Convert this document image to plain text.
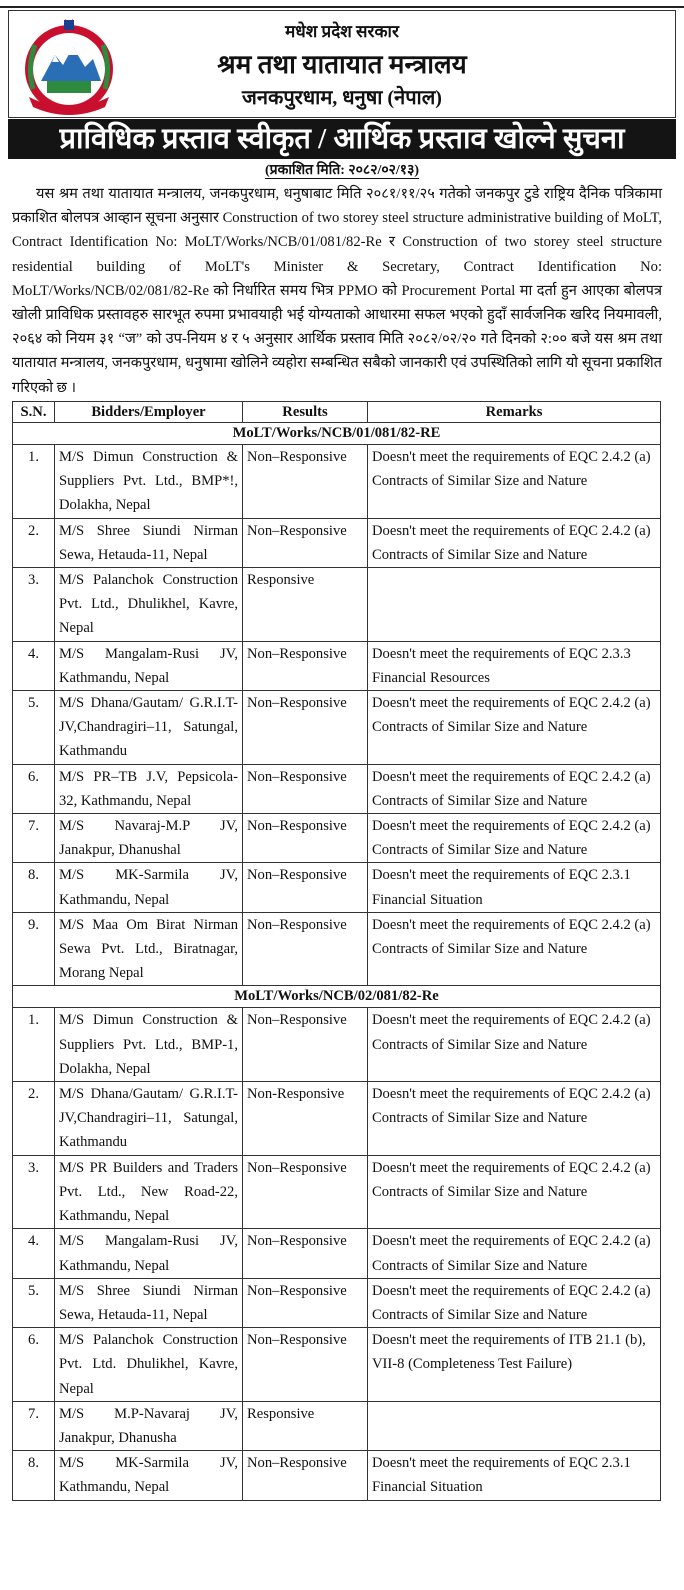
मधेश प्रदेश सरकार
श्रम तथा यातायात मन्त्रालय
जनकपुरधाम, धनुषा (नेपाल)
प्राविधिक प्रस्ताव स्वीकृत / आर्थिक प्रस्ताव खोल्ने सुचना
(प्रकाशित मिति: २०८२/०२/१३)
यस श्रम तथा यातायात मन्त्रालय, जनकपुरधाम, धनुषाबाट मिति २०८१/११/२५ गतेको जनकपुर टुडे राष्ट्रिय दैनिक पत्रिकामा प्रकाशित बोलपत्र आव्हान सूचना अनुसार Construction of two storey steel structure administrative building of MoLT, Contract Identification No: MoLT/Works/NCB/01/081/82-Re र Construction of two storey steel structure residential building of MoLT's Minister & Secretary, Contract Identification No: MoLT/Works/NCB/02/081/82-Re को निर्धारित समय भित्र PPMO को Procurement Portal मा दर्ता हुन आएका बोलपत्र खोली प्राविधिक प्रस्तावहरु सारभूत रुपमा प्रभावयाही भई योग्यताको आधारमा सफल भएको हुदाँ सार्वजनिक खरिद नियमावली, २०६४ को नियम ३१ “ज” को उप-नियम ४ र ५ अनुसार आर्थिक प्रस्ताव मिति २०८२/०२/२० गते दिनको २:०० बजे यस श्रम तथा यातायात मन्त्रालय, जनकपुरधाम, धनुषामा खोलिने व्यहोरा सम्बन्धित सबैको जानकारी एवं उपस्थितिको लागि यो सूचना प्रकाशित गरिएको छ ।
S.N.	Bidders/Employer	Results	Remarks
MoLT/Works/NCB/01/081/82-RE			
1.	M/S Dimun Construction & Suppliers Pvt. Ltd., BMP*!, Dolakha, Nepal	Non–Responsive	Doesn't meet the requirements of EQC 2.4.2 (a) Contracts of Similar Size and Nature
2.	M/S Shree Siundi Nirman Sewa, Hetauda-11, Nepal	Non–Responsive	Doesn't meet the requirements of EQC 2.4.2 (a) Contracts of Similar Size and Nature
3.	M/S Palanchok Construction Pvt. Ltd., Dhulikhel, Kavre, Nepal	Responsive	
4.	M/S Mangalam-Rusi JV, Kathmandu, Nepal	Non–Responsive	Doesn't meet the requirements of EQC 2.3.3 Financial Resources
5.	M/S Dhana/Gautam/ G.R.I.T-JV,Chandragiri–11, Satungal, Kathmandu	Non–Responsive	Doesn't meet the requirements of EQC 2.4.2 (a) Contracts of Similar Size and Nature
6.	M/S PR–TB J.V, Pepsicola-32, Kathmandu, Nepal	Non–Responsive	Doesn't meet the requirements of EQC 2.4.2 (a) Contracts of Similar Size and Nature
7.	M/S Navaraj-M.P JV, Janakpur, Dhanushal	Non–Responsive	Doesn't meet the requirements of EQC 2.4.2 (a) Contracts of Similar Size and Nature
8.	M/S MK-Sarmila JV, Kathmandu, Nepal	Non–Responsive	Doesn't meet the requirements of EQC 2.3.1 Financial Situation
9.	M/S Maa Om Birat Nirman Sewa Pvt. Ltd., Biratnagar, Morang Nepal	Non–Responsive	Doesn't meet the requirements of EQC 2.4.2 (a) Contracts of Similar Size and Nature
MoLT/Works/NCB/02/081/82-Re			
1.	M/S Dimun Construction & Suppliers Pvt. Ltd., BMP-1, Dolakha, Nepal	Non–Responsive	Doesn't meet the requirements of EQC 2.4.2 (a) Contracts of Similar Size and Nature
2.	M/S Dhana/Gautam/ G.R.I.T-JV,Chandragiri–11, Satungal, Kathmandu	Non-Responsive	Doesn't meet the requirements of EQC 2.4.2 (a) Contracts of Similar Size and Nature
3.	M/S PR Builders and Traders Pvt. Ltd., New Road-22, Kathmandu, Nepal	Non–Responsive	Doesn't meet the requirements of EQC 2.4.2 (a) Contracts of Similar Size and Nature
4.	M/S Mangalam-Rusi JV, Kathmandu, Nepal	Non–Responsive	Doesn't meet the requirements of EQC 2.4.2 (a) Contracts of Similar Size and Nature
5.	M/S Shree Siundi Nirman Sewa, Hetauda-11, Nepal	Non–Responsive	Doesn't meet the requirements of EQC 2.4.2 (a) Contracts of Similar Size and Nature
6.	M/S Palanchok Construction Pvt. Ltd. Dhulikhel, Kavre, Nepal	Non–Responsive	Doesn't meet the requirements of ITB 21.1 (b), VII-8 (Completeness Test Failure)
7.	M/S M.P-Navaraj JV, Janakpur, Dhanusha	Responsive	
8.	M/S MK-Sarmila JV, Kathmandu, Nepal	Non–Responsive	Doesn't meet the requirements of EQC 2.3.1 Financial Situation
